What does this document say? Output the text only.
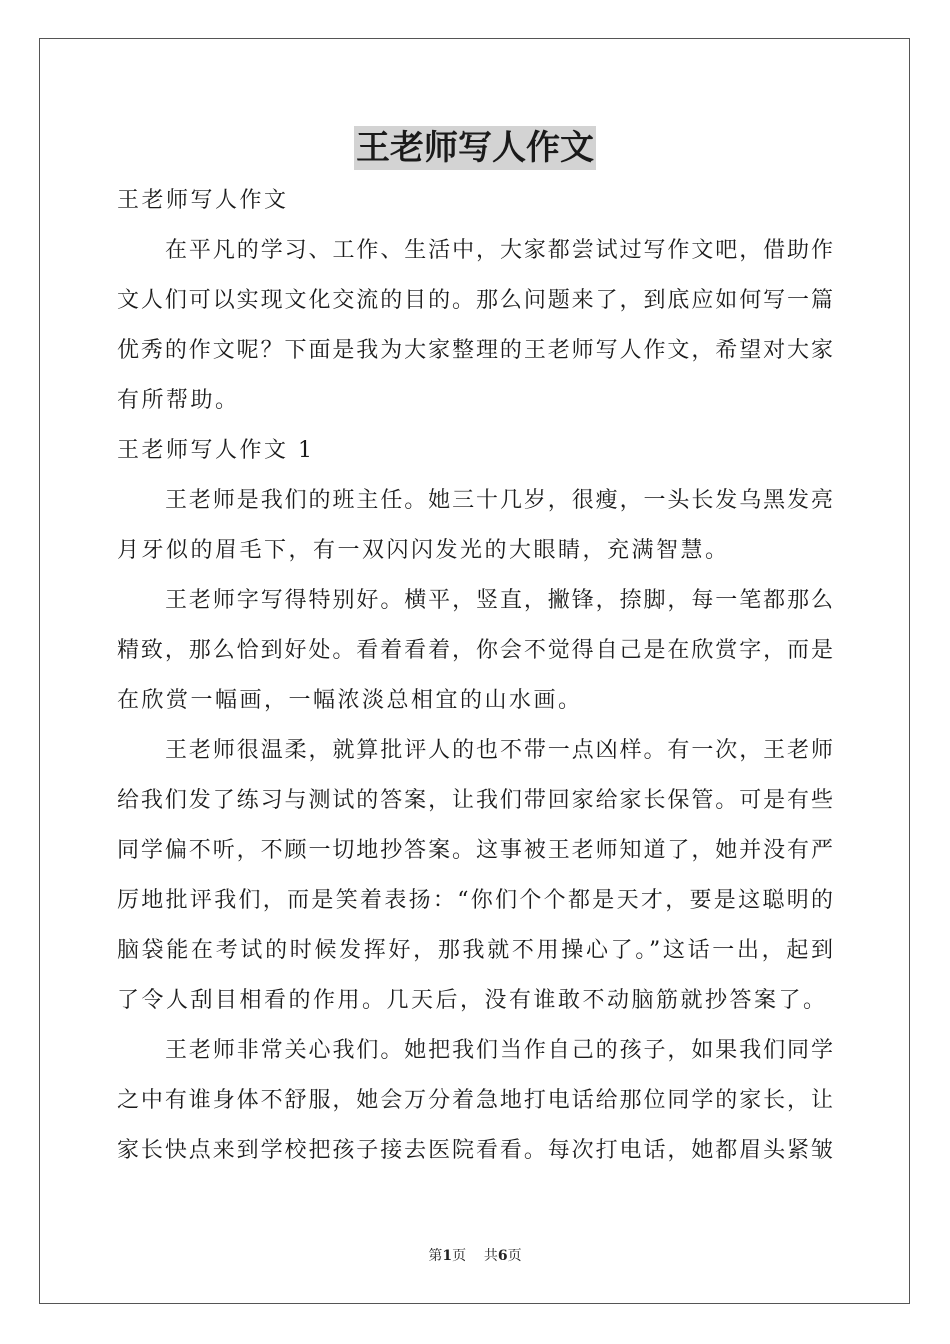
王老师写人作文
王老师写人作文
在平凡的学习、工作、生活中，大家都尝试过写作文吧，借助作
文人们可以实现文化交流的目的。那么问题来了，到底应如何写一篇
优秀的作文呢？下面是我为大家整理的王老师写人作文，希望对大家
有所帮助。
王老师写人作文 1
王老师是我们的班主任。她三十几岁，很瘦，一头长发乌黑发亮
月牙似的眉毛下，有一双闪闪发光的大眼睛，充满智慧。
王老师字写得特别好。横平，竖直，撇锋，捺脚，每一笔都那么
精致，那么恰到好处。看着看着，你会不觉得自己是在欣赏字，而是
在欣赏一幅画，一幅浓淡总相宜的山水画。
王老师很温柔，就算批评人的也不带一点凶样。有一次，王老师
给我们发了练习与测试的答案，让我们带回家给家长保管。可是有些
同学偏不听，不顾一切地抄答案。这事被王老师知道了，她并没有严
厉地批评我们，而是笑着表扬：“你们个个都是天才，要是这聪明的
脑袋能在考试的时候发挥好，那我就不用操心了。”这话一出，起到
了令人刮目相看的作用。几天后，没有谁敢不动脑筋就抄答案了。
王老师非常关心我们。她把我们当作自己的孩子，如果我们同学
之中有谁身体不舒服，她会万分着急地打电话给那位同学的家长，让
家长快点来到学校把孩子接去医院看看。每次打电话，她都眉头紧皱
第1页 共6页
